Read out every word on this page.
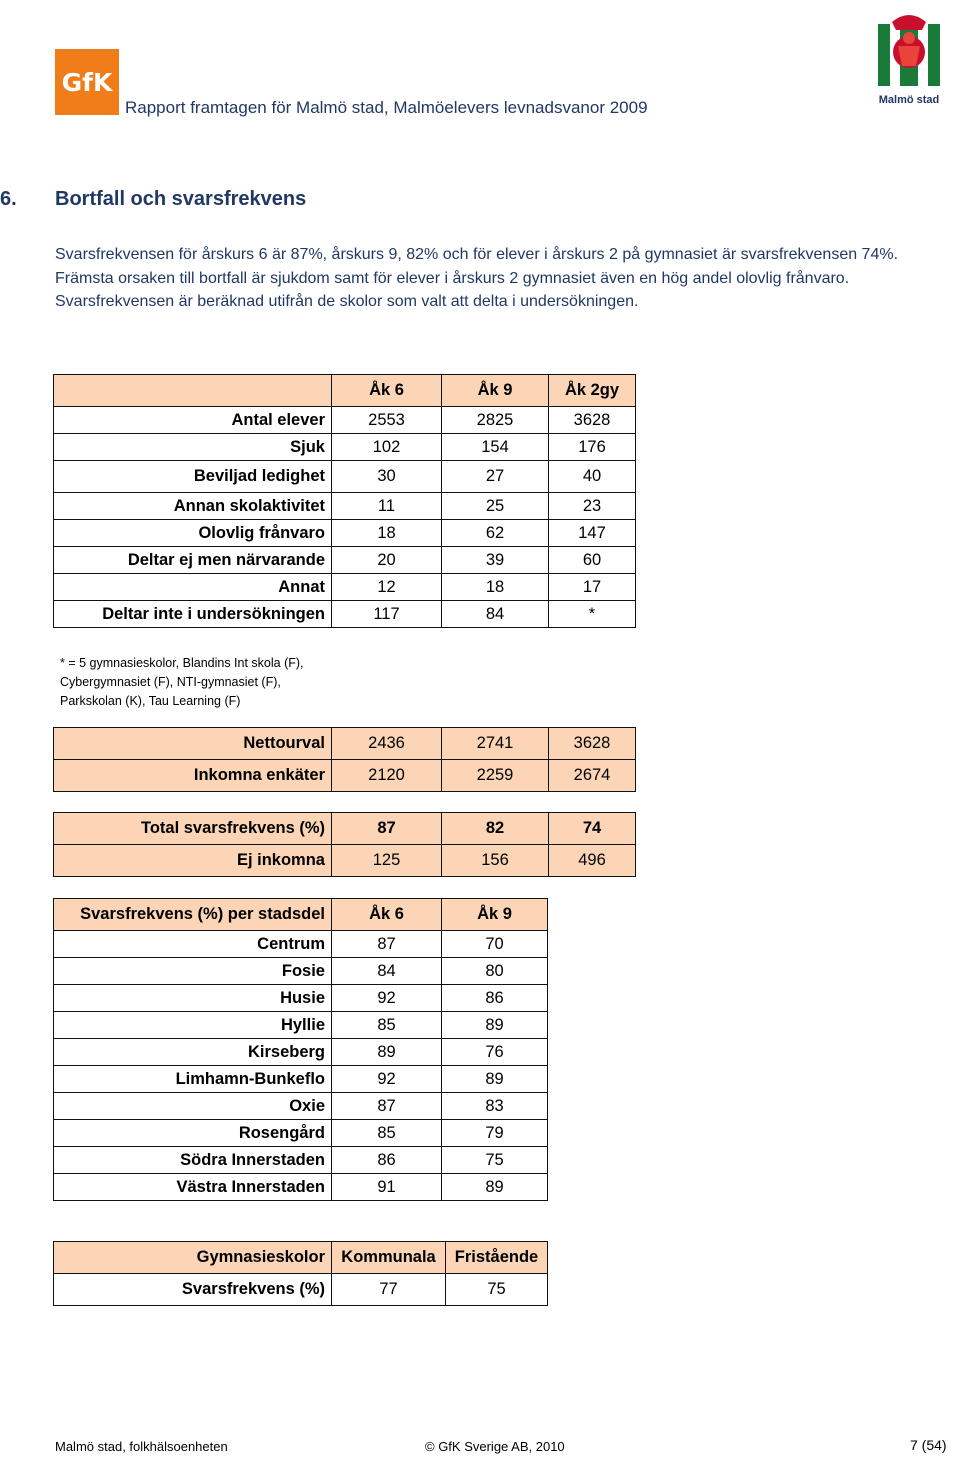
GfK
Rapport framtagen för Malmö stad, Malmöelevers levnadsvanor 2009	Malmö stad
6. Bortfall och svarsfrekvens

Svarsfrekvensen för årskurs 6 är 87%, årskurs 9, 82% och för elever i årskurs 2 på gymnasiet är svarsfrekvensen 74%. Främsta orsaken till bortfall är sjukdom samt för elever i årskurs 2 gymnasiet även en hög andel olovlig frånvaro.

Svarsfrekvensen är beräknad utifrån de skolor som valt att delta i undersökningen.

	Åk 6	Åk 9	Åk 2gy
Antal elever	2553	2825	3628
Sjuk	102	154	176
Beviljad ledighet	30	27	40
Annan skolaktivitet	11	25	23
Olovlig frånvaro	18	62	147
Deltar ej men närvarande	20	39	60
Annat	12	18	17
Deltar inte i undersökningen	117	84	*
* = 5 gymnasieskolor, Blandins Int skola (F),
Cybergymnasiet (F), NTI-gymnasiet (F),
Parkskolan (K), Tau Learning (F)
Nettourval	2436	2741	3628
Inkomna enkäter	2120	2259	2674
Total svarsfrekvens (%)	87	82	74
Ej inkomna	125	156	496
Svarsfrekvens (%) per stadsdel	Åk 6	Åk 9
Centrum	87	70
Fosie	84	80
Husie	92	86
Hyllie	85	89
Kirseberg	89	76
Limhamn-Bunkeflo	92	89
Oxie	87	83
Rosengård	85	79
Södra Innerstaden	86	75
Västra Innerstaden	91	89
Gymnasieskolor	Kommunala	Fristående
Svarsfrekvens (%)	77	75
Malmö stad, folkhälsoenheten	© GfK Sverige AB, 2010	7 (54)
